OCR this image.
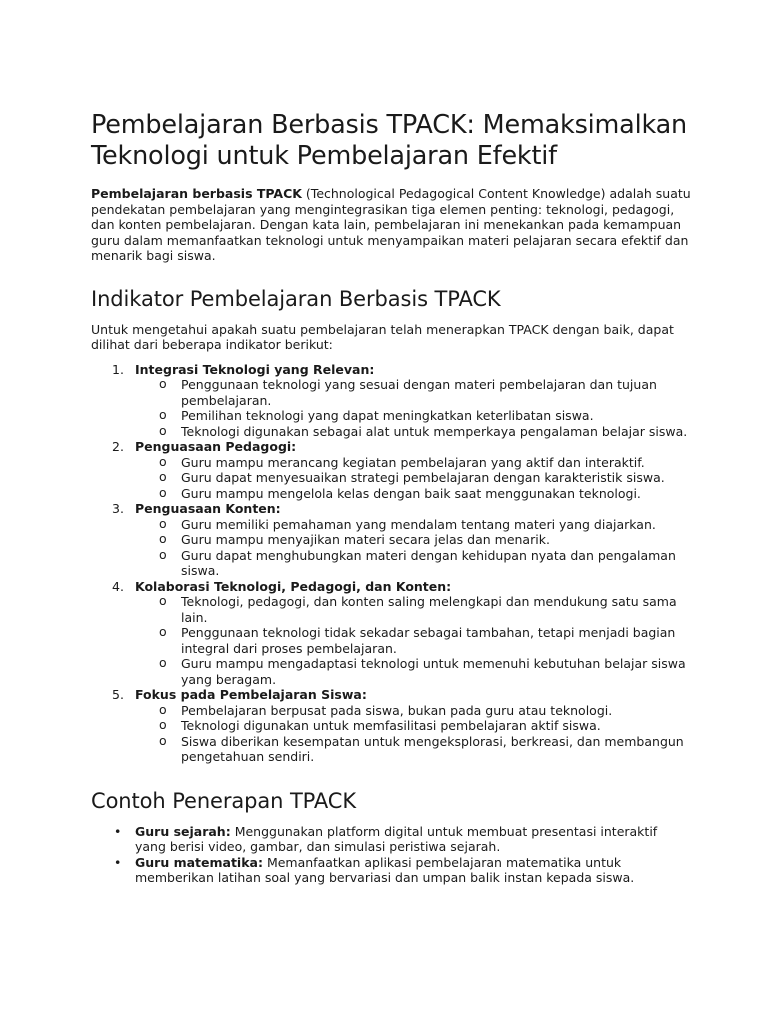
Pembelajaran Berbasis TPACK: Memaksimalkan Teknologi untuk Pembelajaran Efektif

Pembelajaran berbasis TPACK (Technological Pedagogical Content Knowledge) adalah suatu pendekatan pembelajaran yang mengintegrasikan tiga elemen penting: teknologi, pedagogi, dan konten pembelajaran. Dengan kata lain, pembelajaran ini menekankan pada kemampuan guru dalam memanfaatkan teknologi untuk menyampaikan materi pelajaran secara efektif dan menarik bagi siswa.

Indikator Pembelajaran Berbasis TPACK

Untuk mengetahui apakah suatu pembelajaran telah menerapkan TPACK dengan baik, dapat dilihat dari beberapa indikator berikut:

1. Integrasi Teknologi yang Relevan:
o Penggunaan teknologi yang sesuai dengan materi pembelajaran dan tujuan pembelajaran.
o Pemilihan teknologi yang dapat meningkatkan keterlibatan siswa.
o Teknologi digunakan sebagai alat untuk memperkaya pengalaman belajar siswa.
2. Penguasaan Pedagogi:
o Guru mampu merancang kegiatan pembelajaran yang aktif dan interaktif.
o Guru dapat menyesuaikan strategi pembelajaran dengan karakteristik siswa.
o Guru mampu mengelola kelas dengan baik saat menggunakan teknologi.
3. Penguasaan Konten:
o Guru memiliki pemahaman yang mendalam tentang materi yang diajarkan.
o Guru mampu menyajikan materi secara jelas dan menarik.
o Guru dapat menghubungkan materi dengan kehidupan nyata dan pengalaman siswa.
4. Kolaborasi Teknologi, Pedagogi, dan Konten:
o Teknologi, pedagogi, dan konten saling melengkapi dan mendukung satu sama lain.
o Penggunaan teknologi tidak sekadar sebagai tambahan, tetapi menjadi bagian integral dari proses pembelajaran.
o Guru mampu mengadaptasi teknologi untuk memenuhi kebutuhan belajar siswa yang beragam.
5. Fokus pada Pembelajaran Siswa:
o Pembelajaran berpusat pada siswa, bukan pada guru atau teknologi.
o Teknologi digunakan untuk memfasilitasi pembelajaran aktif siswa.
o Siswa diberikan kesempatan untuk mengeksplorasi, berkreasi, dan membangun pengetahuan sendiri.
Contoh Penerapan TPACK
• Guru sejarah: Menggunakan platform digital untuk membuat presentasi interaktif yang berisi video, gambar, dan simulasi peristiwa sejarah.
• Guru matematika: Memanfaatkan aplikasi pembelajaran matematika untuk memberikan latihan soal yang bervariasi dan umpan balik instan kepada siswa.
